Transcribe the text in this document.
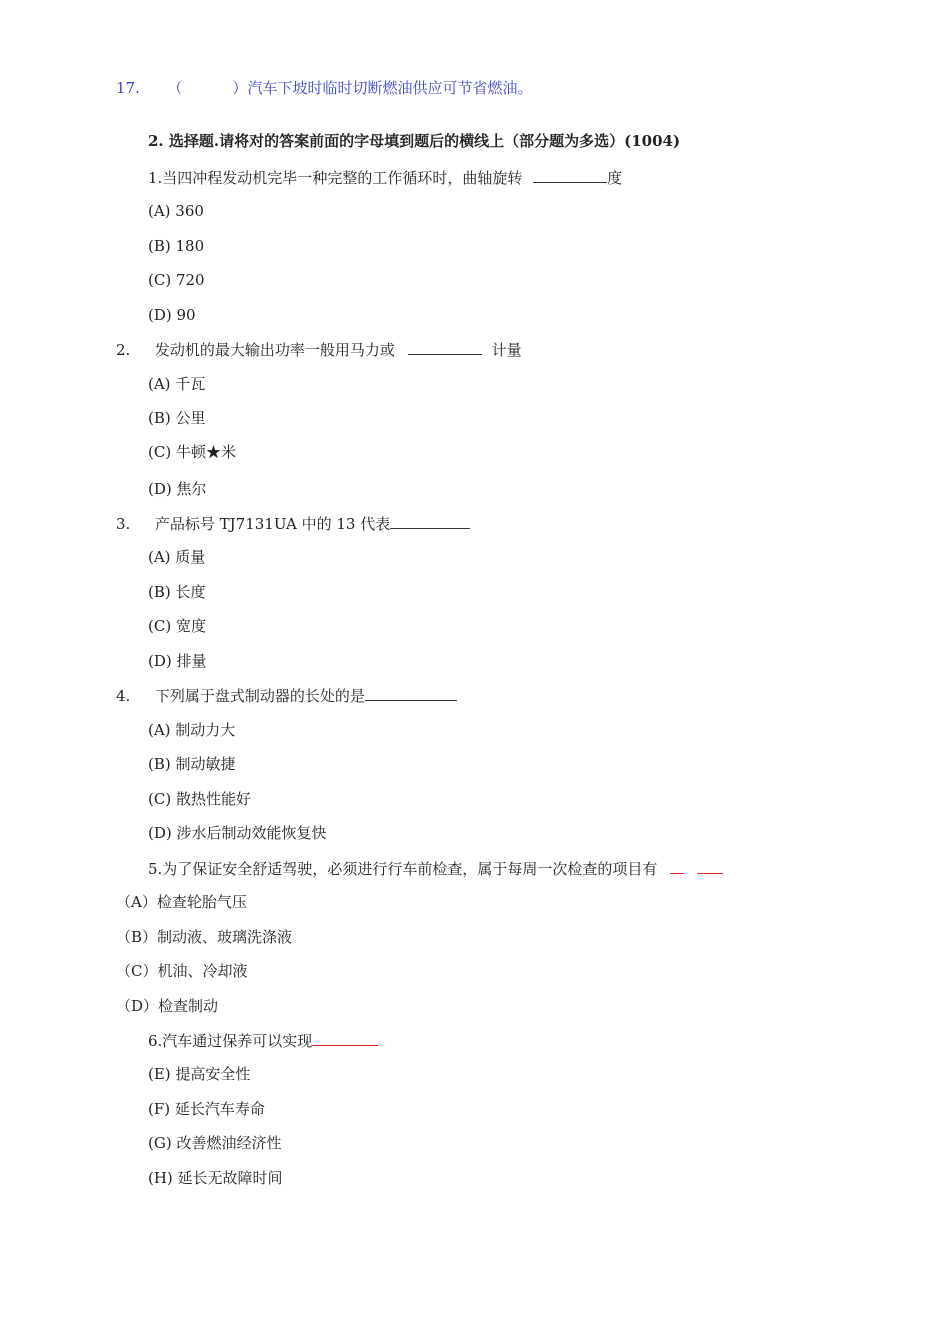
17. （	）汽车下坡时临时切断燃油供应可节省燃油。
2. 选择题.请将对的答案前面的字母填到题后的横线上（部分题为多选）(1004)
1.当四冲程发动机完毕一种完整的工作循环时，曲轴旋转	度
(A) 360
(B) 180
(C) 720
(D) 90
2. 发动机的最大输出功率一般用马力或	计量
(A) 千瓦
(B) 公里
(C) 牛顿★米
(D) 焦尔
3. 产品标号 TJ7131UA 中的 13 代表
(A) 质量
(B) 长度
(C) 宽度
(D) 排量
4. 下列属于盘式制动器的长处的是
(A) 制动力大
(B) 制动敏捷
(C) 散热性能好
(D) 涉水后制动效能恢复快
5.为了保证安全舒适驾驶，必须进行行车前检查，属于每周一次检查的项目有
（A）检查轮胎气压
（B）制动液、玻璃洗涤液
（C）机油、冷却液
（D）检查制动
6.汽车通过保养可以实现
(E) 提高安全性
(F) 延长汽车寿命
(G) 改善燃油经济性
(H) 延长无故障时间
